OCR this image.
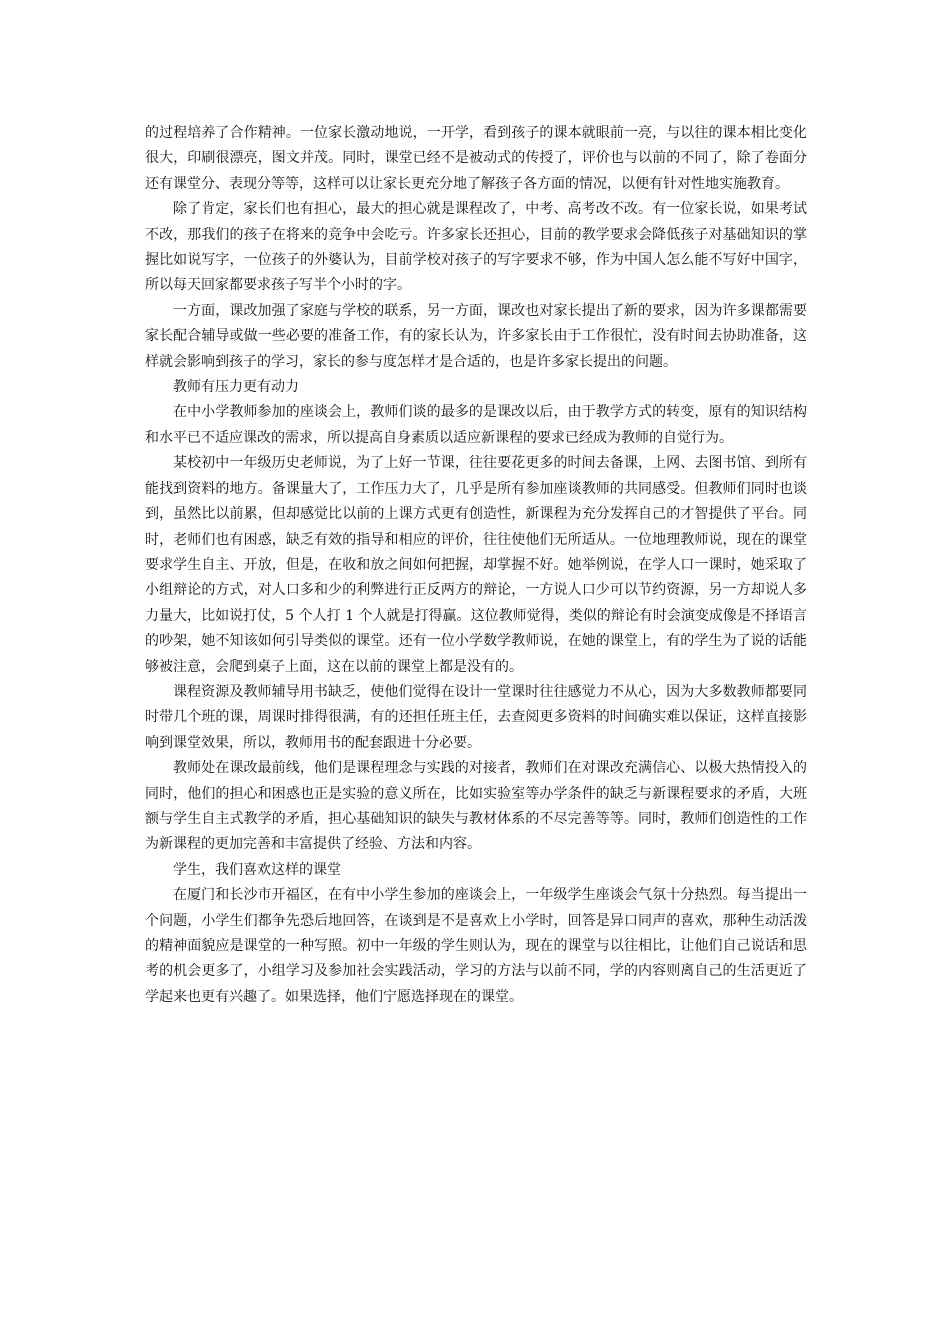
的过程培养了合作精神。一位家长激动地说，一开学，看到孩子的课本就眼前一亮，与以往的课本相比变化很大，印刷很漂亮，图文并茂。同时，课堂已经不是被动式的传授了，评价也与以前的不同了，除了卷面分还有课堂分、表现分等等，这样可以让家长更充分地了解孩子各方面的情况，以便有针对性地实施教育。

除了肯定，家长们也有担心，最大的担心就是课程改了，中考、高考改不改。有一位家长说，如果考试不改，那我们的孩子在将来的竞争中会吃亏。许多家长还担心，目前的教学要求会降低孩子对基础知识的掌握比如说写字，一位孩子的外婆认为，目前学校对孩子的写字要求不够，作为中国人怎么能不写好中国字，所以每天回家都要求孩子写半个小时的字。

一方面，课改加强了家庭与学校的联系，另一方面，课改也对家长提出了新的要求，因为许多课都需要家长配合辅导或做一些必要的准备工作，有的家长认为，许多家长由于工作很忙，没有时间去协助准备，这样就会影响到孩子的学习，家长的参与度怎样才是合适的，也是许多家长提出的问题。

教师有压力更有动力

在中小学教师参加的座谈会上，教师们谈的最多的是课改以后，由于教学方式的转变，原有的知识结构和水平已不适应课改的需求，所以提高自身素质以适应新课程的要求已经成为教师的自觉行为。

某校初中一年级历史老师说，为了上好一节课，往往要花更多的时间去备课，上网、去图书馆、到所有能找到资料的地方。备课量大了，工作压力大了，几乎是所有参加座谈教师的共同感受。但教师们同时也谈到，虽然比以前累，但却感觉比以前的上课方式更有创造性，新课程为充分发挥自己的才智提供了平台。同时，老师们也有困惑，缺乏有效的指导和相应的评价，往往使他们无所适从。一位地理教师说，现在的课堂要求学生自主、开放，但是，在收和放之间如何把握，却掌握不好。她举例说，在学人口一课时，她采取了小组辩论的方式，对人口多和少的利弊进行正反两方的辩论，一方说人口少可以节约资源，另一方却说人多力量大，比如说打仗，5 个人打 1 个人就是打得赢。这位教师觉得，类似的辩论有时会演变成像是不择语言的吵架，她不知该如何引导类似的课堂。还有一位小学数学教师说，在她的课堂上，有的学生为了说的话能够被注意，会爬到桌子上面，这在以前的课堂上都是没有的。

课程资源及教师辅导用书缺乏，使他们觉得在设计一堂课时往往感觉力不从心，因为大多数教师都要同时带几个班的课，周课时排得很满，有的还担任班主任，去查阅更多资料的时间确实难以保证，这样直接影响到课堂效果，所以，教师用书的配套跟进十分必要。

教师处在课改最前线，他们是课程理念与实践的对接者，教师们在对课改充满信心、以极大热情投入的同时，他们的担心和困惑也正是实验的意义所在，比如实验室等办学条件的缺乏与新课程要求的矛盾，大班额与学生自主式教学的矛盾，担心基础知识的缺失与教材体系的不尽完善等等。同时，教师们创造性的工作为新课程的更加完善和丰富提供了经验、方法和内容。

学生，我们喜欢这样的课堂

在厦门和长沙市开福区，在有中小学生参加的座谈会上，一年级学生座谈会气氛十分热烈。每当提出一个问题，小学生们都争先恐后地回答，在谈到是不是喜欢上小学时，回答是异口同声的喜欢，那种生动活泼的精神面貌应是课堂的一种写照。初中一年级的学生则认为，现在的课堂与以往相比，让他们自己说话和思考的机会更多了，小组学习及参加社会实践活动，学习的方法与以前不同，学的内容则离自己的生活更近了学起来也更有兴趣了。如果选择，他们宁愿选择现在的课堂。
